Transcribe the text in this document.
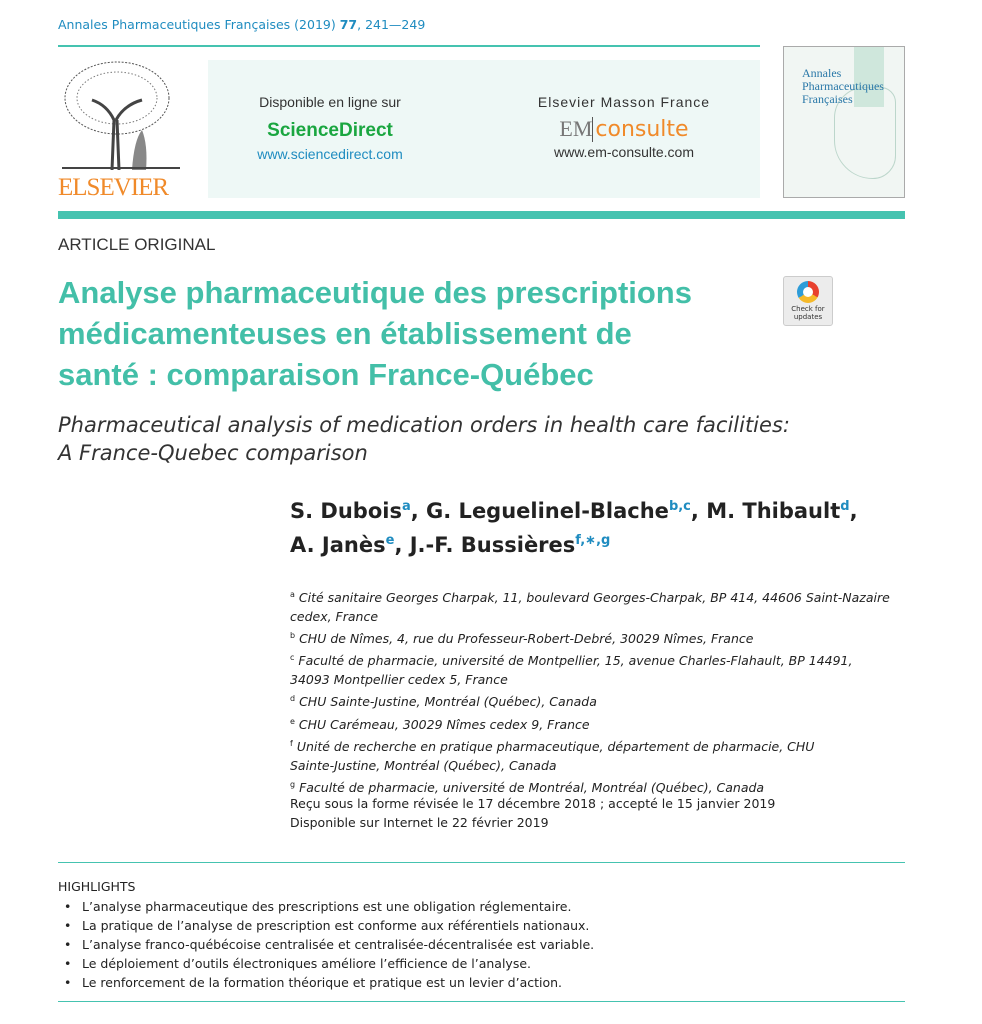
Annales Pharmaceutiques Françaises (2019) 77, 241—249
ELSEVIER
Disponible en ligne sur
ScienceDirect
www.sciencedirect.com
Elsevier Masson France
EM consulte
www.em-consulte.com
Annales
Pharmaceutiques
Françaises
ARTICLE ORIGINAL
Analyse pharmaceutique des prescriptions
médicamenteuses en établissement de
santé : comparaison France-Québec
Check for updates
Pharmaceutical analysis of medication orders in health care facilities:
A France-Quebec comparison
S. Dubois$^a$, G. Leguelinel-Blache$^{b,c}$, M. Thibault$^d$,
A. Janès$^e$, J.-F. Bussières$^{f,∗,g}$
$^a$ Cité sanitaire Georges Charpak, 11, boulevard Georges-Charpak, BP 414, 44606 Saint-Nazaire cedex, France
$^b$ CHU de Nîmes, 4, rue du Professeur-Robert-Debré, 30029 Nîmes, France
$^c$ Faculté de pharmacie, université de Montpellier, 15, avenue Charles-Flahault, BP 14491, 34093 Montpellier cedex 5, France
$^d$ CHU Sainte-Justine, Montréal (Québec), Canada
$^e$ CHU Carémeau, 30029 Nîmes cedex 9, France
$^f$ Unité de recherche en pratique pharmaceutique, département de pharmacie, CHU Sainte-Justine, Montréal (Québec), Canada
$^g$ Faculté de pharmacie, université de Montréal, Montréal (Québec), Canada
Reçu sous la forme révisée le 17 décembre 2018 ; accepté le 15 janvier 2019
Disponible sur Internet le 22 février 2019
HIGHLIGHTS
• L’analyse pharmaceutique des prescriptions est une obligation réglementaire.
• La pratique de l’analyse de prescription est conforme aux référentiels nationaux.
• L’analyse franco-québécoise centralisée et centralisée-décentralisée est variable.
• Le déploiement d’outils électroniques améliore l’efficience de l’analyse.
• Le renforcement de la formation théorique et pratique est un levier d’action.
